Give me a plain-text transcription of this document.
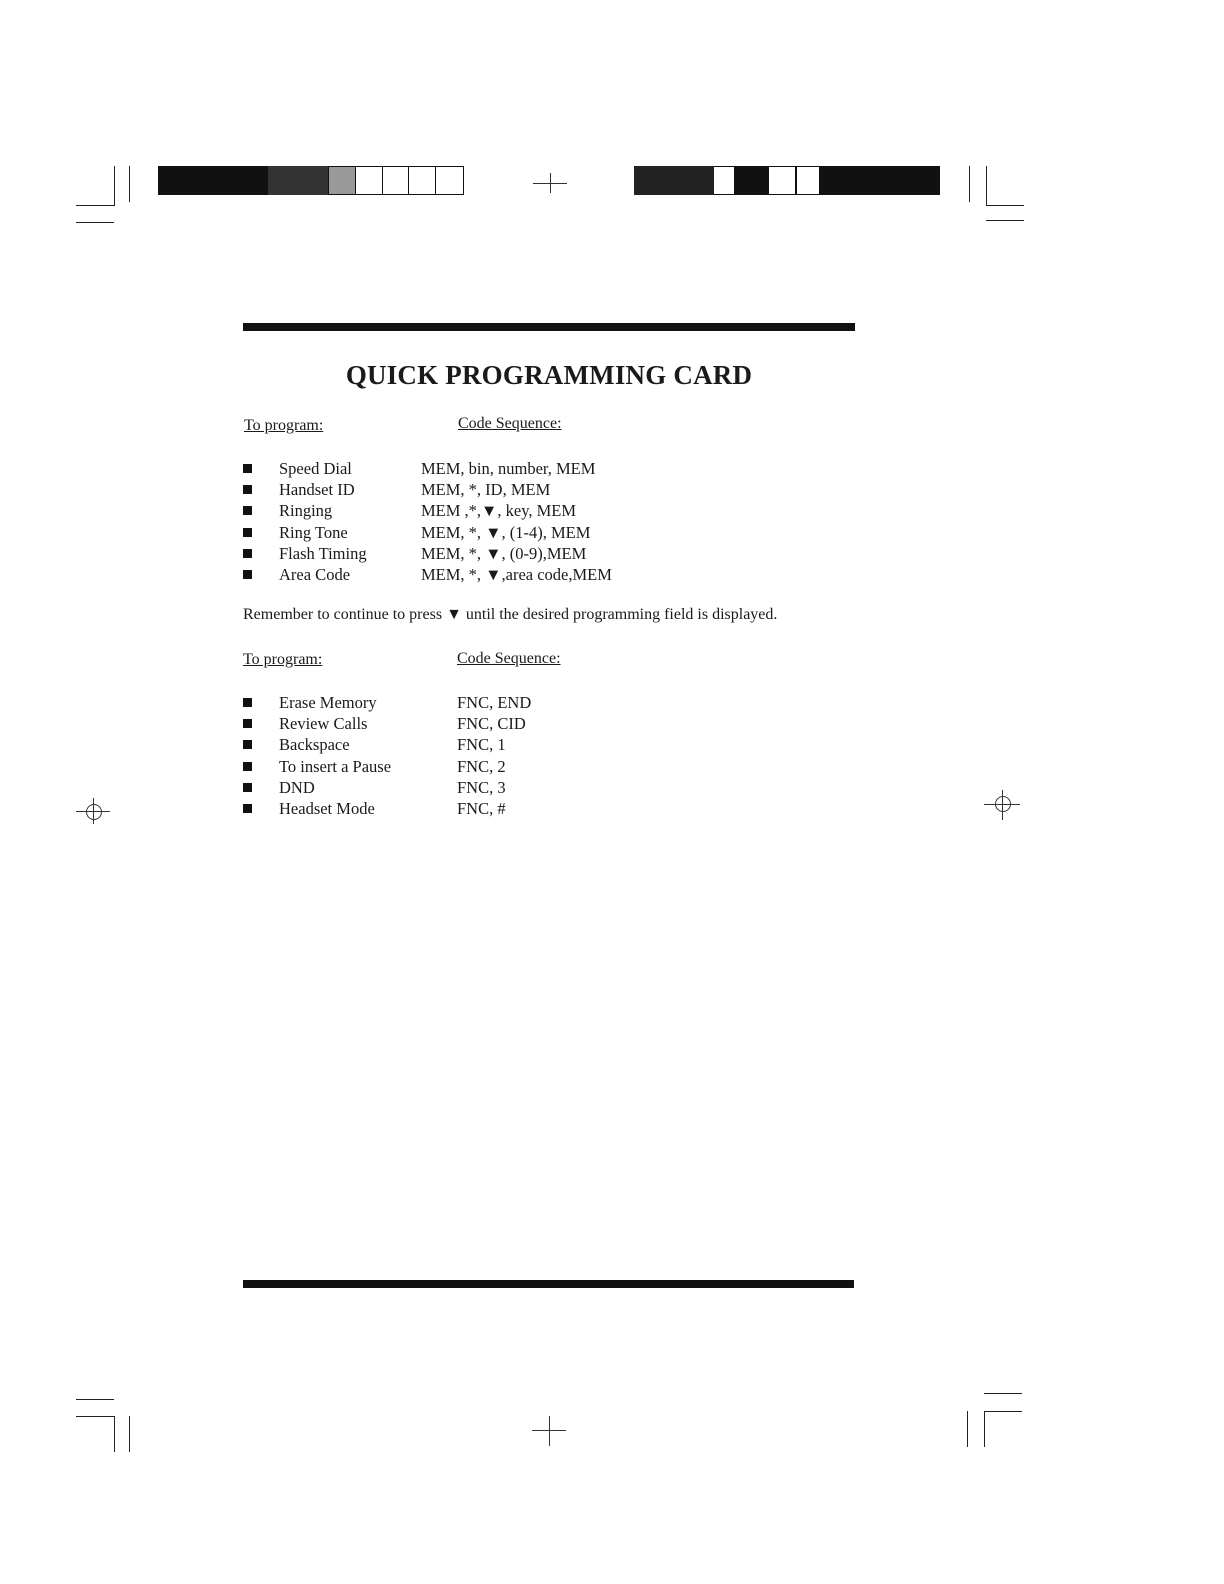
QUICK PROGRAMMING CARD
To program:	Code Sequence:
Speed Dial	MEM, bin, number, MEM
Handset ID	MEM, *, ID, MEM
Ringing	MEM ,*,▼, key, MEM
Ring Tone	MEM, *, ▼, (1-4), MEM
Flash Timing	MEM, *, ▼, (0-9),MEM
Area Code	MEM, *, ▼,area code,MEM
Remember to continue to press ▼ until the desired programming field is displayed.
To program:	Code Sequence:
Erase Memory	FNC, END
Review Calls	FNC, CID
Backspace	FNC, 1
To insert a Pause	FNC, 2
DND	FNC, 3
Headset Mode	FNC, #
